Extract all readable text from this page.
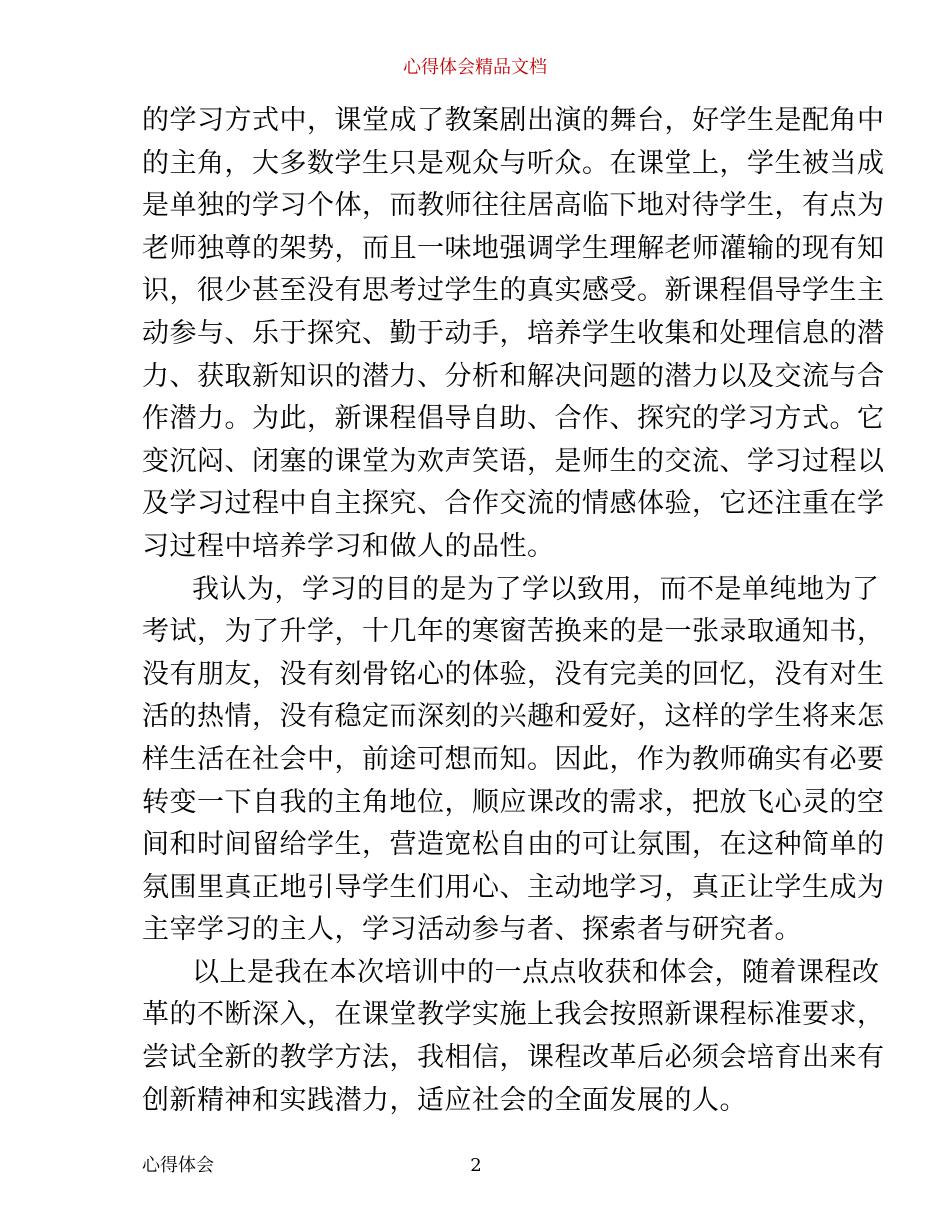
心得体会精品文档
的学习方式中，课堂成了教案剧出演的舞台，好学生是配角中
的主角，大多数学生只是观众与听众。在课堂上，学生被当成
是单独的学习个体，而教师往往居高临下地对待学生，有点为
老师独尊的架势，而且一味地强调学生理解老师灌输的现有知
识，很少甚至没有思考过学生的真实感受。新课程倡导学生主
动参与、乐于探究、勤于动手，培养学生收集和处理信息的潜
力、获取新知识的潜力、分析和解决问题的潜力以及交流与合
作潜力。为此，新课程倡导自助、合作、探究的学习方式。它
变沉闷、闭塞的课堂为欢声笑语，是师生的交流、学习过程以
及学习过程中自主探究、合作交流的情感体验，它还注重在学
习过程中培养学习和做人的品性。
我认为，学习的目的是为了学以致用，而不是单纯地为了
考试，为了升学，十几年的寒窗苦换来的是一张录取通知书，
没有朋友，没有刻骨铭心的体验，没有完美的回忆，没有对生
活的热情，没有稳定而深刻的兴趣和爱好，这样的学生将来怎
样生活在社会中，前途可想而知。因此，作为教师确实有必要
转变一下自我的主角地位，顺应课改的需求，把放飞心灵的空
间和时间留给学生，营造宽松自由的可让氛围，在这种简单的
氛围里真正地引导学生们用心、主动地学习，真正让学生成为
主宰学习的主人，学习活动参与者、探索者与研究者。
以上是我在本次培训中的一点点收获和体会，随着课程改
革的不断深入，在课堂教学实施上我会按照新课程标准要求，
尝试全新的教学方法，我相信，课程改革后必须会培育出来有
创新精神和实践潜力，适应社会的全面发展的人。
心得体会	2
